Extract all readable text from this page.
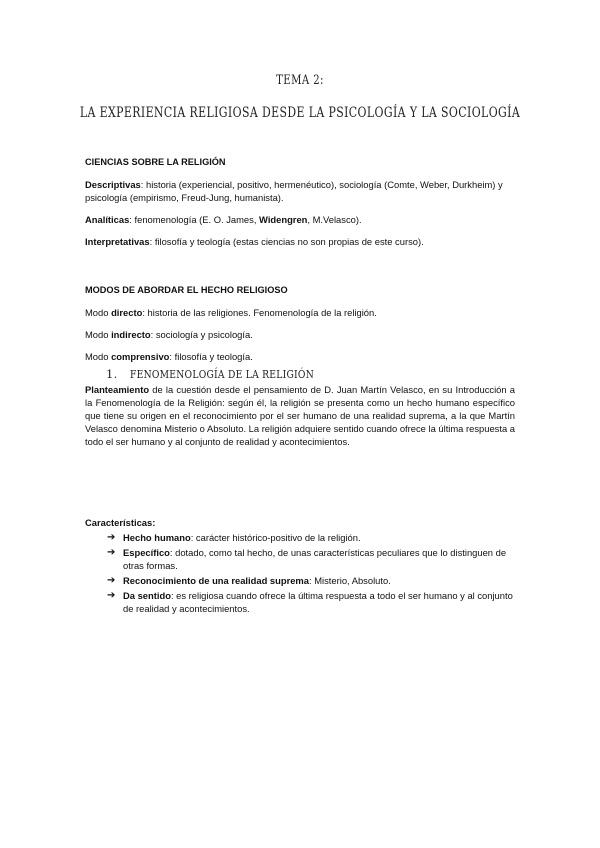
TEMA 2:
LA EXPERIENCIA RELIGIOSA DESDE LA PSICOLOGÍA Y LA SOCIOLOGÍA

CIENCIAS SOBRE LA RELIGIÓN

Descriptivas: historia (experiencial, positivo, hermenéutico), sociología (Comte, Weber, Durkheim) y psicología (empirismo, Freud-Jung, humanista).

Analíticas: fenomenología (E. O. James, Widengren, M.Velasco).

Interpretativas: filosofía y teología (estas ciencias no son propias de este curso).

MODOS DE ABORDAR EL HECHO RELIGIOSO

Modo directo: historia de las religiones. Fenomenología de la religión.

Modo indirecto: sociología y psicología.

Modo comprensivo: filosofía y teología.

1. FENOMENOLOGÍA DE LA RELIGIÓN

Planteamiento de la cuestión desde el pensamiento de D. Juan Martín Velasco, en su Introducción a la Fenomenología de la Religión: según él, la religión se presenta como un hecho humano específico que tiene su origen en el reconocimiento por el ser humano de una realidad suprema, a la que Martín Velasco denomina Misterio o Absoluto. La religión adquiere sentido cuando ofrece la última respuesta a todo el ser humano y al conjunto de realidad y acontecimientos.

Características:

➔ Hecho humano: carácter histórico-positivo de la religión.
➔ Específico: dotado, como tal hecho, de unas características peculiares que lo distinguen de otras formas.
➔ Reconocimiento de una realidad suprema: Misterio, Absoluto.
➔ Da sentido: es religiosa cuando ofrece la última respuesta a todo el ser humano y al conjunto de realidad y acontecimientos.
